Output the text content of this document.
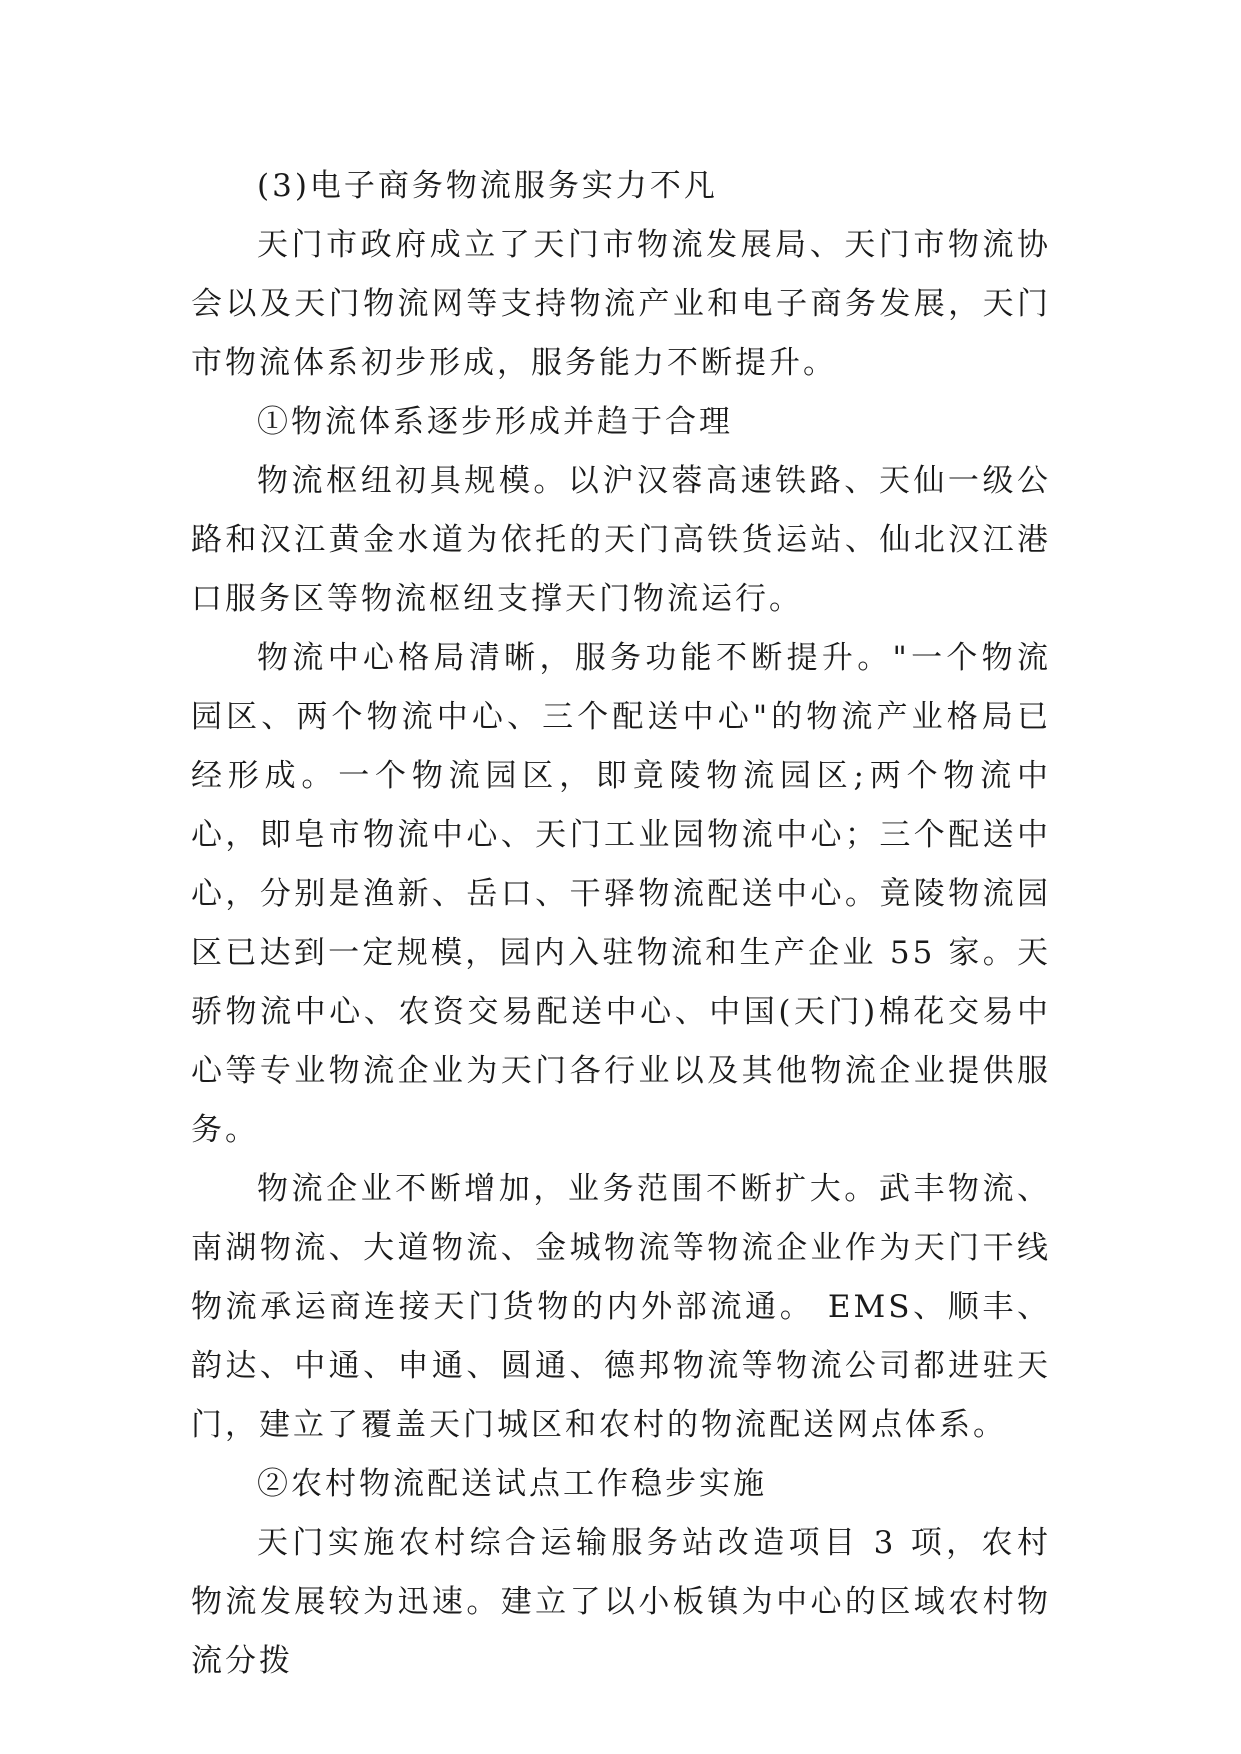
(3)电子商务物流服务实力不凡

天门市政府成立了天门市物流发展局、天门市物流协会以及天门物流网等支持物流产业和电子商务发展，天门市物流体系初步形成，服务能力不断提升。

①物流体系逐步形成并趋于合理

物流枢纽初具规模。以沪汉蓉高速铁路、天仙一级公路和汉江黄金水道为依托的天门高铁货运站、仙北汉江港口服务区等物流枢纽支撑天门物流运行。

物流中心格局清晰，服务功能不断提升。"一个物流园区、两个物流中心、三个配送中心"的物流产业格局已经形成。一个物流园区，即竟陵物流园区;两个物流中心，即皂市物流中心、天门工业园物流中心；三个配送中心，分别是渔新、岳口、干驿物流配送中心。竟陵物流园区已达到一定规模，园内入驻物流和生产企业 55 家。天骄物流中心、农资交易配送中心、中国(天门)棉花交易中心等专业物流企业为天门各行业以及其他物流企业提供服务。

物流企业不断增加，业务范围不断扩大。武丰物流、南湖物流、大道物流、金城物流等物流企业作为天门干线物流承运商连接天门货物的内外部流通。 EMS、顺丰、韵达、中通、申通、圆通、德邦物流等物流公司都进驻天门，建立了覆盖天门城区和农村的物流配送网点体系。

②农村物流配送试点工作稳步实施

天门实施农村综合运输服务站改造项目 3 项，农村物流发展较为迅速。建立了以小板镇为中心的区域农村物流分拨
